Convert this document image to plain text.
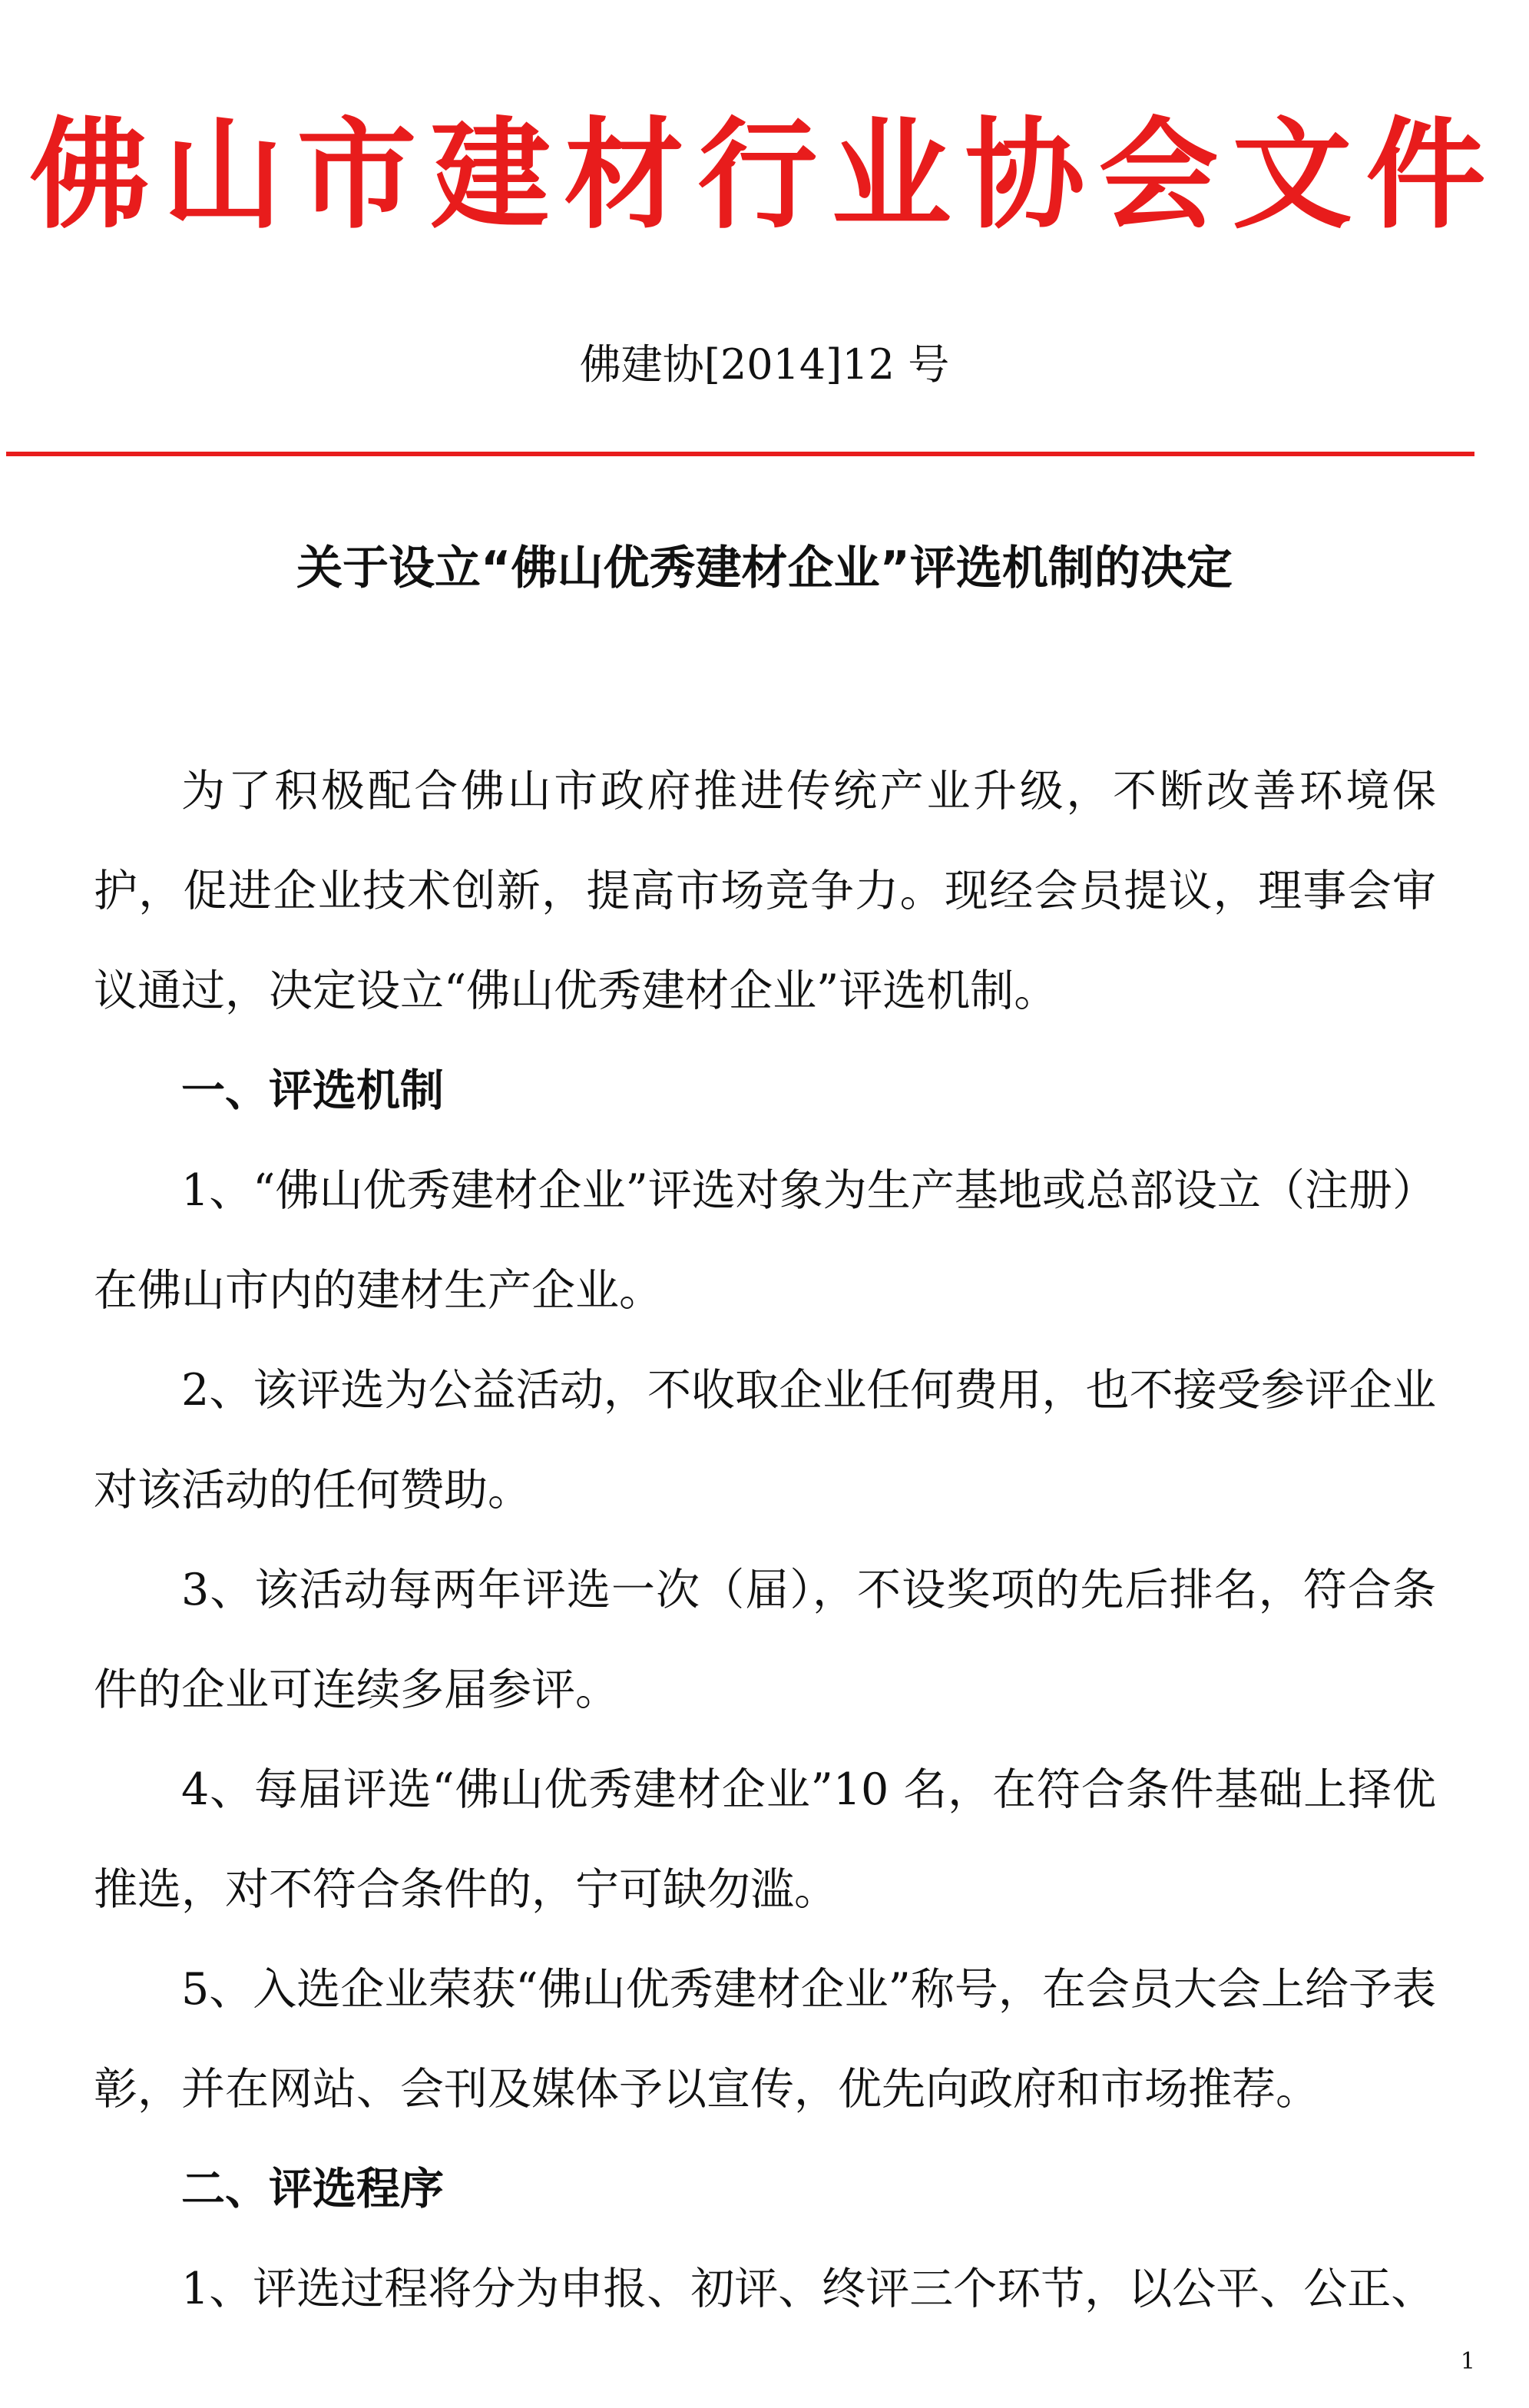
佛山市建材行业协会文件
佛建协[2014]12 号
关于设立“佛山优秀建材企业”评选机制的决定

为了积极配合佛山市政府推进传统产业升级，不断改善环境保护，促进企业技术创新，提高市场竞争力。现经会员提议，理事会审议通过，决定设立“佛山优秀建材企业”评选机制。

一、评选机制

1、“佛山优秀建材企业”评选对象为生产基地或总部设立（注册）在佛山市内的建材生产企业。

2、该评选为公益活动，不收取企业任何费用，也不接受参评企业对该活动的任何赞助。

3、该活动每两年评选一次（届），不设奖项的先后排名，符合条件的企业可连续多届参评。

4、每届评选“佛山优秀建材企业”10 名，在符合条件基础上择优推选，对不符合条件的，宁可缺勿滥。

5、入选企业荣获“佛山优秀建材企业”称号，在会员大会上给予表彰，并在网站、会刊及媒体予以宣传，优先向政府和市场推荐。

二、评选程序

1、评选过程将分为申报、初评、终评三个环节，以公平、公正、

1
